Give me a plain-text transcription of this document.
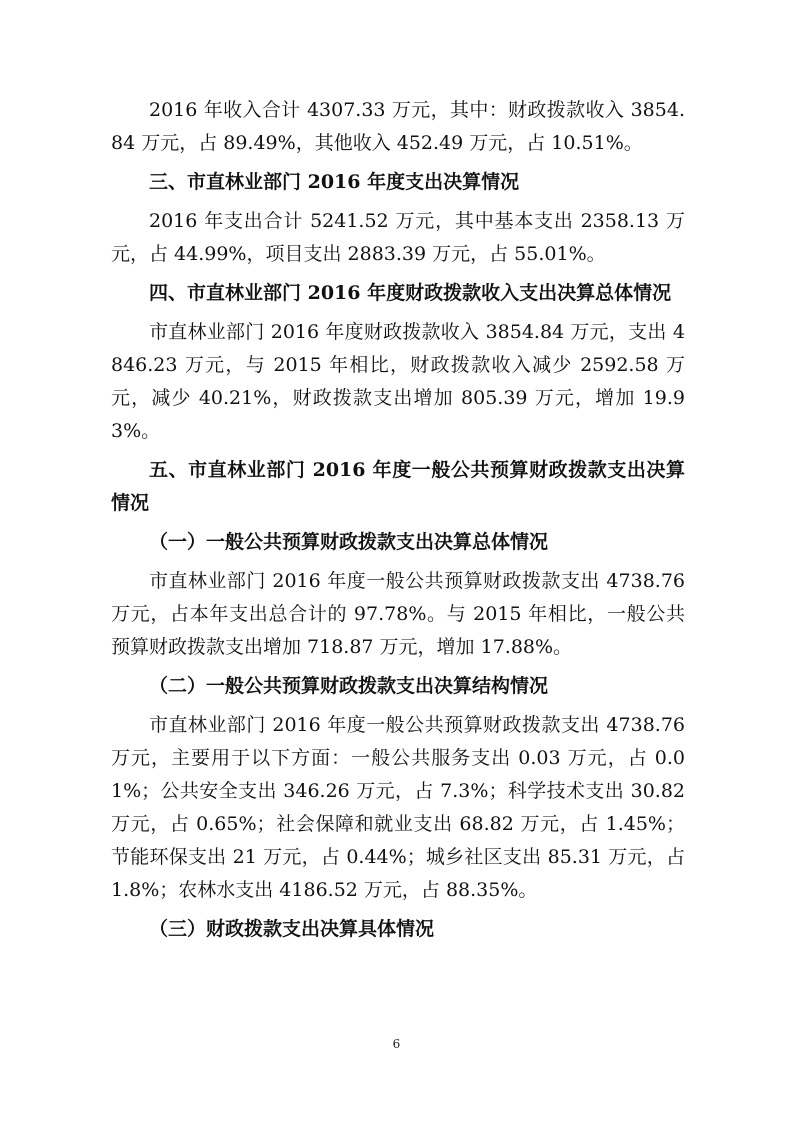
2016 年收入合计 4307.33 万元，其中：财政拨款收入 3854.84 万元，占 89.49%，其他收入 452.49 万元，占 10.51%。

三、市直林业部门 2016 年度支出决算情况

2016 年支出合计 5241.52 万元，其中基本支出 2358.13 万元，占 44.99%，项目支出 2883.39 万元，占 55.01%。

四、市直林业部门 2016 年度财政拨款收入支出决算总体情况

市直林业部门 2016 年度财政拨款收入 3854.84 万元，支出 4846.23 万元，与 2015 年相比，财政拨款收入减少 2592.58 万元，减少 40.21%，财政拨款支出增加 805.39 万元，增加 19.93%。

五、市直林业部门 2016 年度一般公共预算财政拨款支出决算情况

（一）一般公共预算财政拨款支出决算总体情况

市直林业部门 2016 年度一般公共预算财政拨款支出 4738.76 万元，占本年支出总合计的 97.78%。与 2015 年相比，一般公共预算财政拨款支出增加 718.87 万元，增加 17.88%。

（二）一般公共预算财政拨款支出决算结构情况

市直林业部门 2016 年度一般公共预算财政拨款支出 4738.76 万元，主要用于以下方面：一般公共服务支出 0.03 万元，占 0.01%；公共安全支出 346.26 万元，占 7.3%；科学技术支出 30.82 万元，占 0.65%；社会保障和就业支出 68.82 万元，占 1.45%；节能环保支出 21 万元，占 0.44%；城乡社区支出 85.31 万元，占 1.8%；农林水支出 4186.52 万元，占 88.35%。

（三）财政拨款支出决算具体情况

6
